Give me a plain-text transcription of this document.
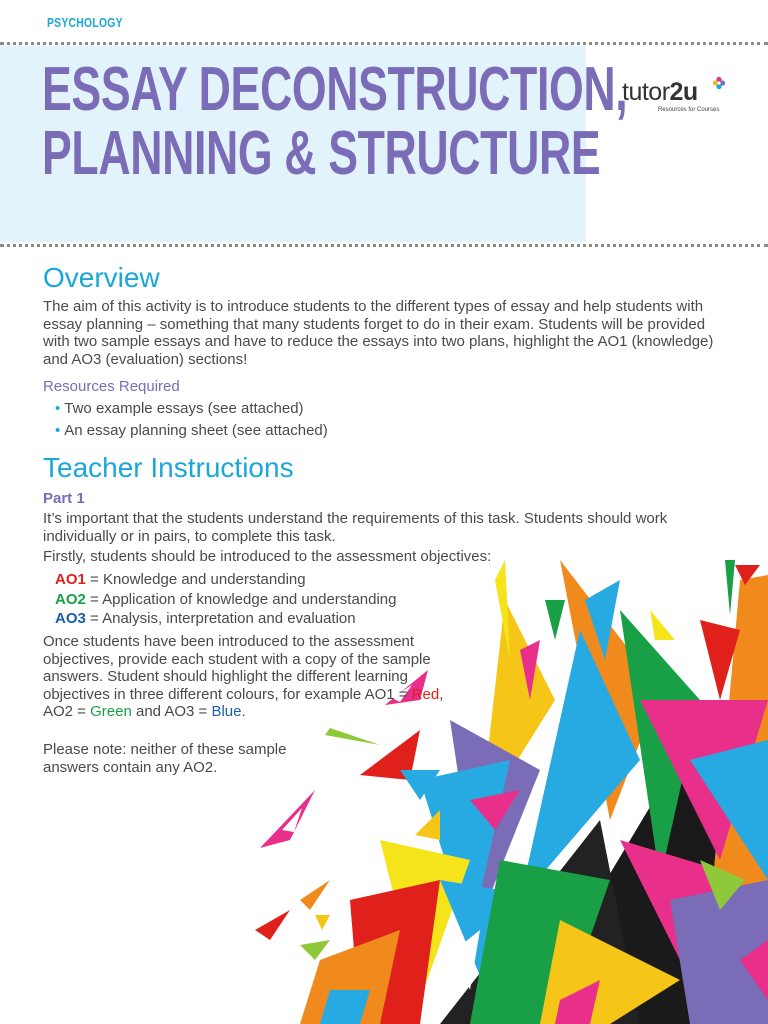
PSYCHOLOGY
ESSAY DECONSTRUCTION,
PLANNING & STRUCTURE
tutor2u
Resources for Courses
Overview

The aim of this activity is to introduce students to the different types of essay and help students with essay planning – something that many students forget to do in their exam. Students will be provided with two sample essays and have to reduce the essays into two plans, highlight the AO1 (knowledge) and AO3 (evaluation) sections!

Resources Required
• Two example essays (see attached)
• An essay planning sheet (see attached)
Teacher Instructions
Part 1

It’s important that the students understand the requirements of this task. Students should work individually or in pairs, to complete this task.

Firstly, students should be introduced to the assessment objectives:

AO1 = Knowledge and understanding
AO2 = Application of knowledge and understanding
AO3 = Analysis, interpretation and evaluation

Once students have been introduced to the assessment objectives, provide each student with a copy of the sample answers. Student should highlight the different learning objectives in three different colours, for example AO1 = Red,
AO2 = Green and AO3 = Blue.

Please note: neither of these sample answers contain any AO2.
